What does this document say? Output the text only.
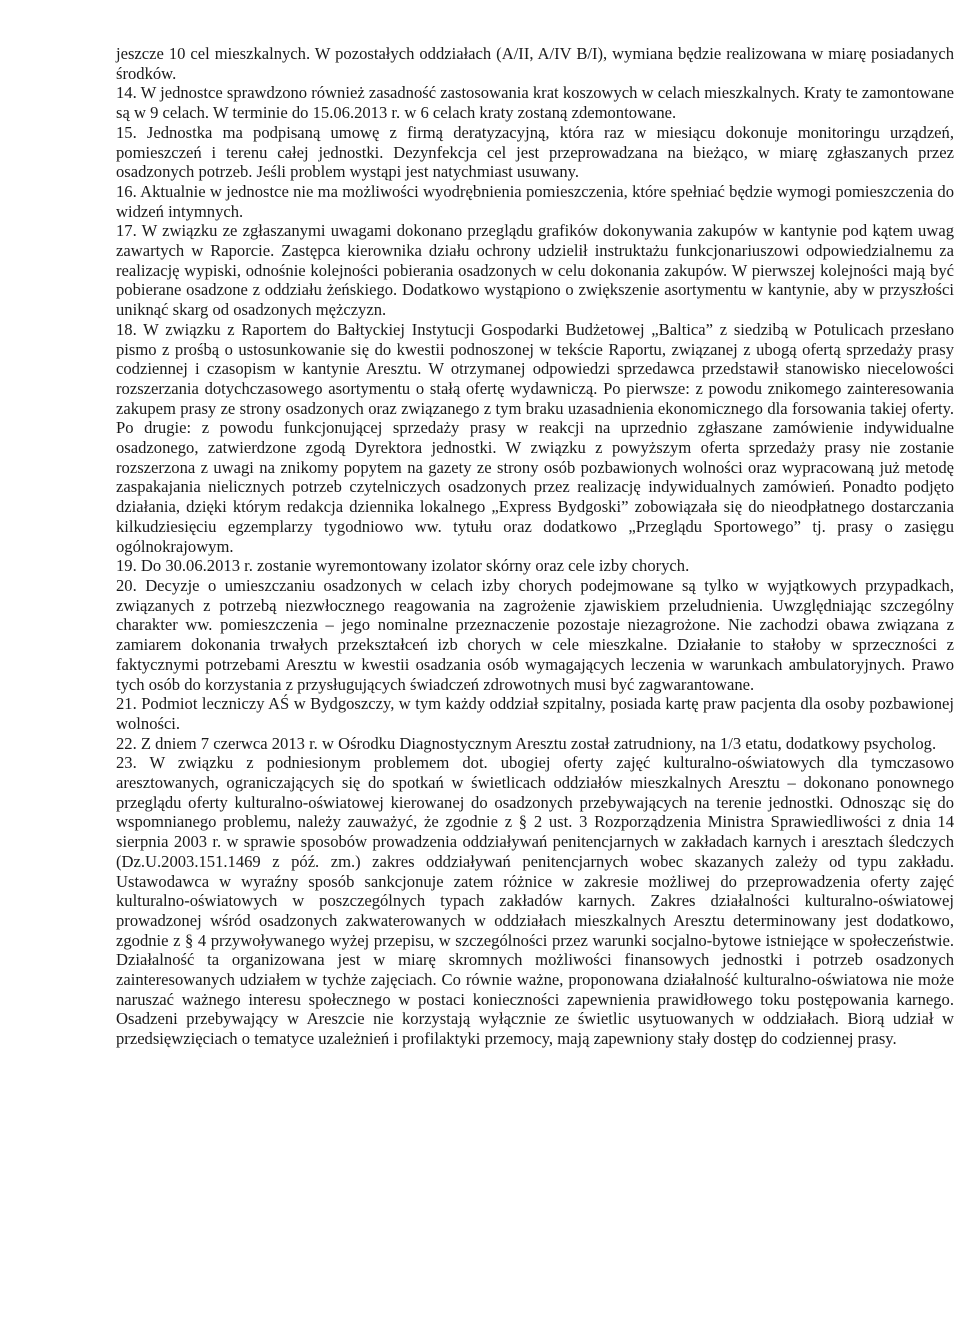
jeszcze 10 cel mieszkalnych. W pozostałych oddziałach (A/II, A/IV B/I), wymiana będzie realizowana w miarę posiadanych środków.

14. W jednostce sprawdzono również zasadność zastosowania krat koszowych w celach mieszkalnych. Kraty te zamontowane są w 9 celach. W terminie do 15.06.2013 r. w 6 celach kraty zostaną zdemontowane.

15. Jednostka ma podpisaną umowę z firmą deratyzacyjną, która raz w miesiącu dokonuje monitoringu urządzeń, pomieszczeń i terenu całej jednostki. Dezynfekcja cel jest przeprowadzana na bieżąco, w miarę zgłaszanych przez osadzonych potrzeb. Jeśli problem wystąpi jest natychmiast usuwany.

16. Aktualnie w jednostce nie ma możliwości wyodrębnienia pomieszczenia, które spełniać będzie wymogi pomieszczenia do widzeń intymnych.

17. W związku ze zgłaszanymi uwagami dokonano przeglądu grafików dokonywania zakupów w kantynie pod kątem uwag zawartych w Raporcie. Zastępca kierownika działu ochrony udzielił instruktażu funkcjonariuszowi odpowiedzialnemu za realizację wypiski, odnośnie kolejności pobierania osadzonych w celu dokonania zakupów. W pierwszej kolejności mają być pobierane osadzone z oddziału żeńskiego. Dodatkowo wystąpiono o zwiększenie asortymentu w kantynie, aby w przyszłości uniknąć skarg od osadzonych mężczyzn.

18. W związku z Raportem do Bałtyckiej Instytucji Gospodarki Budżetowej „Baltica” z siedzibą w Potulicach przesłano pismo z prośbą o ustosunkowanie się do kwestii podnoszonej w tekście Raportu, związanej z ubogą ofertą sprzedaży prasy codziennej i czasopism w kantynie Aresztu. W otrzymanej odpowiedzi sprzedawca przedstawił stanowisko niecelowości rozszerzania dotychczasowego asortymentu o stałą ofertę wydawniczą. Po pierwsze: z powodu znikomego zainteresowania zakupem prasy ze strony osadzonych oraz związanego z tym braku uzasadnienia ekonomicznego dla forsowania takiej oferty. Po drugie: z powodu funkcjonującej sprzedaży prasy w reakcji na uprzednio zgłaszane zamówienie indywidualne osadzonego, zatwierdzone zgodą Dyrektora jednostki. W związku z powyższym oferta sprzedaży prasy nie zostanie rozszerzona z uwagi na znikomy popytem na gazety ze strony osób pozbawionych wolności oraz wypracowaną już metodę zaspakajania nielicznych potrzeb czytelniczych osadzonych przez realizację indywidualnych zamówień. Ponadto podjęto działania, dzięki którym redakcja dziennika lokalnego „Express Bydgoski” zobowiązała się do nieodpłatnego dostarczania kilkudziesięciu egzemplarzy tygodniowo ww. tytułu oraz dodatkowo „Przeglądu Sportowego” tj. prasy o zasięgu ogólnokrajowym.

19. Do 30.06.2013 r. zostanie wyremontowany izolator skórny oraz cele izby chorych.

20. Decyzje o umieszczaniu osadzonych w celach izby chorych podejmowane są tylko w wyjątkowych przypadkach, związanych z potrzebą niezwłocznego reagowania na zagrożenie zjawiskiem przeludnienia. Uwzględniając szczególny charakter ww. pomieszczenia – jego nominalne przeznaczenie pozostaje niezagrożone. Nie zachodzi obawa związana z zamiarem dokonania trwałych przekształceń izb chorych w cele mieszkalne. Działanie to stałoby w sprzeczności z faktycznymi potrzebami Aresztu w kwestii osadzania osób wymagających leczenia w warunkach ambulatoryjnych. Prawo tych osób do korzystania z przysługujących świadczeń zdrowotnych musi być zagwarantowane.

21. Podmiot leczniczy AŚ w Bydgoszczy, w tym każdy oddział szpitalny, posiada kartę praw pacjenta dla osoby pozbawionej wolności.

22. Z dniem 7 czerwca 2013 r. w Ośrodku Diagnostycznym Aresztu został zatrudniony, na 1/3 etatu, dodatkowy psycholog.

23. W związku z podniesionym problemem dot. ubogiej oferty zajęć kulturalno-oświatowych dla tymczasowo aresztowanych, ograniczających się do spotkań w świetlicach oddziałów mieszkalnych Aresztu – dokonano ponownego przeglądu oferty kulturalno-oświatowej kierowanej do osadzonych przebywających na terenie jednostki. Odnosząc się do wspomnianego problemu, należy zauważyć, że zgodnie z § 2 ust. 3 Rozporządzenia Ministra Sprawiedliwości z dnia 14 sierpnia 2003 r. w sprawie sposobów prowadzenia oddziaływań penitencjarnych w zakładach karnych i aresztach śledczych (Dz.U.2003.151.1469 z póź. zm.) zakres oddziaływań penitencjarnych wobec skazanych zależy od typu zakładu. Ustawodawca w wyraźny sposób sankcjonuje zatem różnice w zakresie możliwej do przeprowadzenia oferty zajęć kulturalno-oświatowych w poszczególnych typach zakładów karnych. Zakres działalności kulturalno-oświatowej prowadzonej wśród osadzonych zakwaterowanych w oddziałach mieszkalnych Aresztu determinowany jest dodatkowo, zgodnie z § 4 przywoływanego wyżej przepisu, w szczególności przez warunki socjalno-bytowe istniejące w społeczeństwie. Działalność ta organizowana jest w miarę skromnych możliwości finansowych jednostki i potrzeb osadzonych zainteresowanych udziałem w tychże zajęciach. Co równie ważne, proponowana działalność kulturalno-oświatowa nie może naruszać ważnego interesu społecznego w postaci konieczności zapewnienia prawidłowego toku postępowania karnego. Osadzeni przebywający w Areszcie nie korzystają wyłącznie ze świetlic usytuowanych w oddziałach. Biorą udział w przedsięwzięciach o tematyce uzależnień i profilaktyki przemocy, mają zapewniony stały dostęp do codziennej prasy.
